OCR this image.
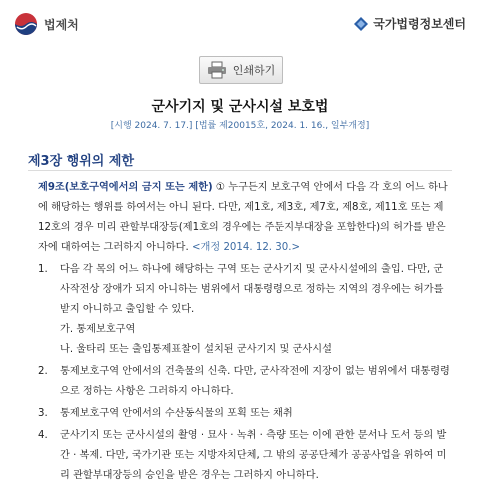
법제처	국가법령정보센터
인쇄하기
군사기지 및 군사시설 보호법
[시행 2024. 7. 17.] [법률 제20015호, 2024. 1. 16., 일부개정]
제3장 행위의 제한
제9조(보호구역에서의 금지 또는 제한) ① 누구든지 보호구역 안에서 다음 각 호의 어느 하나에 해당하는 행위를 하여서는 아니 된다. 다만, 제1호, 제3호, 제7호, 제8호, 제11호 또는 제12호의 경우 미리 관할부대장등(제1호의 경우에는 주둔지부대장을 포함한다)의 허가를 받은 자에 대하여는 그러하지 아니하다. <개정 2014. 12. 30.>
1. 다음 각 목의 어느 하나에 해당하는 구역 또는 군사기지 및 군사시설에의 출입. 다만, 군사작전상 장애가 되지 아니하는 범위에서 대통령령으로 정하는 지역의 경우에는 허가를 받지 아니하고 출입할 수 있다.
가. 통제보호구역
나. 울타리 또는 출입통제표찰이 설치된 군사기지 및 군사시설
2. 통제보호구역 안에서의 건축물의 신축. 다만, 군사작전에 지장이 없는 범위에서 대통령령으로 정하는 사항은 그러하지 아니하다.
3. 통제보호구역 안에서의 수산동식물의 포획 또는 채취
4. 군사기지 또는 군사시설의 촬영 · 묘사 · 녹취 · 측량 또는 이에 관한 문서나 도서 등의 발간 · 복제. 다만, 국가기관 또는 지방자치단체, 그 밖의 공공단체가 공공사업을 위하여 미리 관할부대장등의 승인을 받은 경우는 그러하지 아니하다.
